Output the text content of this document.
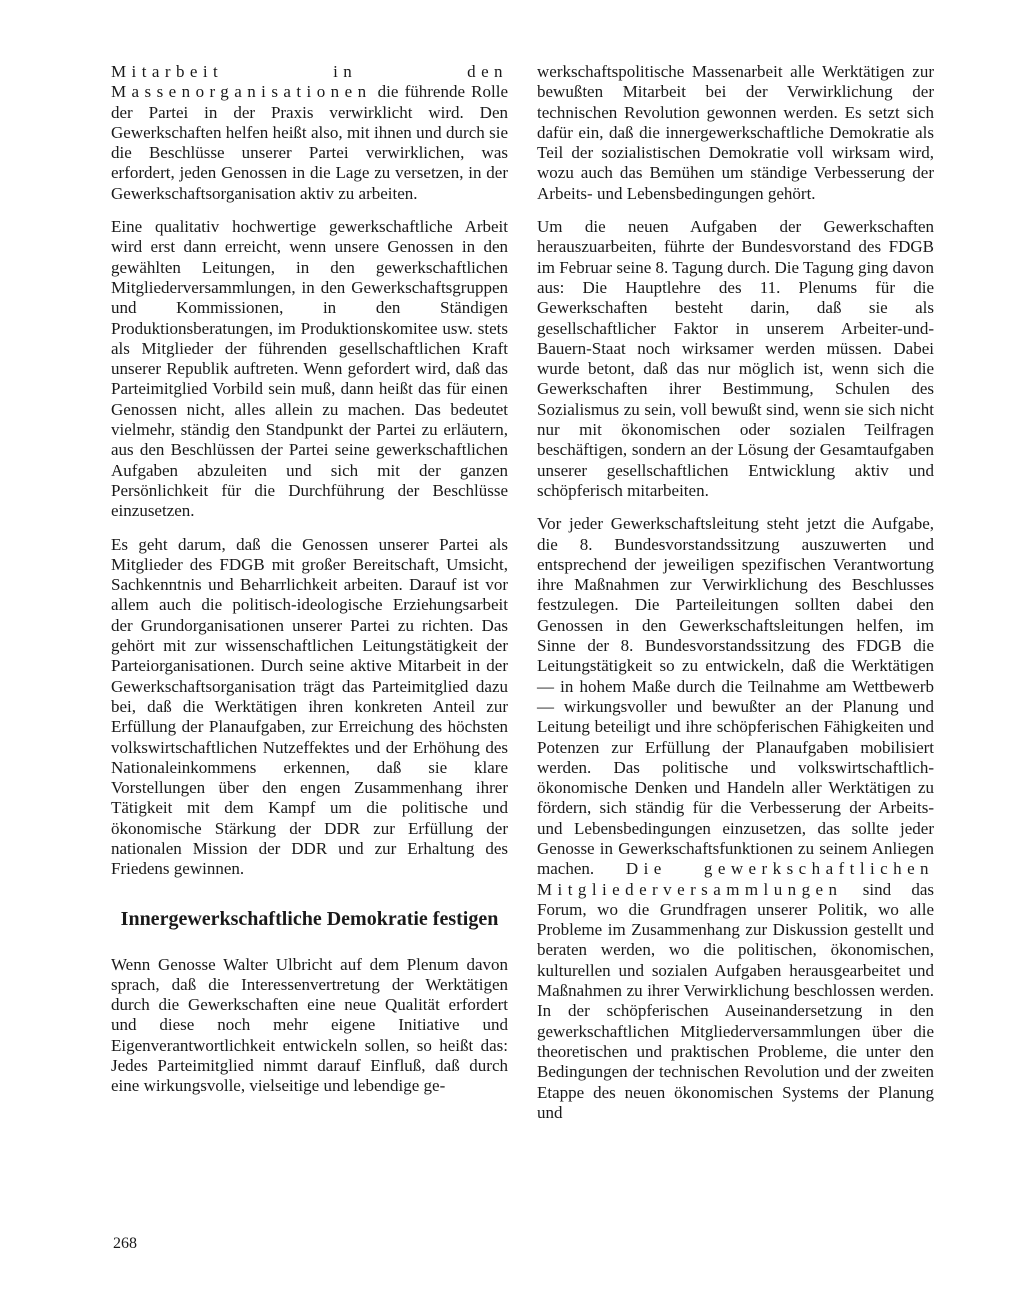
Mitarbeit in den Massenorganisationen die führende Rolle der Partei in der Praxis verwirklicht wird. Den Gewerkschaften helfen heißt also, mit ihnen und durch sie die Beschlüsse unserer Partei verwirklichen, was erfordert, jeden Genossen in die Lage zu versetzen, in der Gewerkschaftsorganisation aktiv zu arbeiten.

Eine qualitativ hochwertige gewerkschaftliche Arbeit wird erst dann erreicht, wenn unsere Genossen in den gewählten Leitungen, in den gewerkschaftlichen Mitgliederversammlungen, in den Gewerkschaftsgruppen und Kommissionen, in den Ständigen Produktionsberatungen, im Produktionskomitee usw. stets als Mitglieder der führenden gesellschaftlichen Kraft unserer Republik auftreten. Wenn gefordert wird, daß das Parteimitglied Vorbild sein muß, dann heißt das für einen Genossen nicht, alles allein zu machen. Das bedeutet vielmehr, ständig den Standpunkt der Partei zu erläutern, aus den Beschlüssen der Partei seine gewerkschaftlichen Aufgaben abzuleiten und sich mit der ganzen Persönlichkeit für die Durchführung der Beschlüsse einzusetzen.

Es geht darum, daß die Genossen unserer Partei als Mitglieder des FDGB mit großer Bereitschaft, Umsicht, Sachkenntnis und Beharrlichkeit arbeiten. Darauf ist vor allem auch die politisch-ideologische Erziehungsarbeit der Grundorganisationen unserer Partei zu richten. Das gehört mit zur wissenschaftlichen Leitungstätigkeit der Parteiorganisationen. Durch seine aktive Mitarbeit in der Gewerkschaftsorganisation trägt das Parteimitglied dazu bei, daß die Werktätigen ihren konkreten Anteil zur Erfüllung der Planaufgaben, zur Erreichung des höchsten volkswirtschaftlichen Nutzeffektes und der Erhöhung des Nationaleinkommens erkennen, daß sie klare Vorstellungen über den engen Zusammenhang ihrer Tätigkeit mit dem Kampf um die politische und ökonomische Stärkung der DDR zur Erfüllung der nationalen Mission der DDR und zur Erhaltung des Friedens gewinnen.

Innergewerkschaftliche Demokratie festigen

Wenn Genosse Walter Ulbricht auf dem Plenum davon sprach, daß die Interessenvertretung der Werktätigen durch die Gewerkschaften eine neue Qualität erfordert und diese noch mehr eigene Initiative und Eigenverantwortlichkeit entwickeln sollen, so heißt das: Jedes Parteimitglied nimmt darauf Einfluß, daß durch eine wirkungsvolle, vielseitige und lebendige ge-

werkschaftspolitische Massenarbeit alle Werktätigen zur bewußten Mitarbeit bei der Verwirklichung der technischen Revolution gewonnen werden. Es setzt sich dafür ein, daß die innergewerkschaftliche Demokratie als Teil der sozialistischen Demokratie voll wirksam wird, wozu auch das Bemühen um ständige Verbesserung der Arbeits- und Lebensbedingungen gehört.

Um die neuen Aufgaben der Gewerkschaften herauszuarbeiten, führte der Bundesvorstand des FDGB im Februar seine 8. Tagung durch. Die Tagung ging davon aus: Die Hauptlehre des 11. Plenums für die Gewerkschaften besteht darin, daß sie als gesellschaftlicher Faktor in unserem Arbeiter-und-Bauern-Staat noch wirksamer werden müssen. Dabei wurde betont, daß das nur möglich ist, wenn sich die Gewerkschaften ihrer Bestimmung, Schulen des Sozialismus zu sein, voll bewußt sind, wenn sie sich nicht nur mit ökonomischen oder sozialen Teilfragen beschäftigen, sondern an der Lösung der Gesamtaufgaben unserer gesellschaftlichen Entwicklung aktiv und schöpferisch mitarbeiten.

Vor jeder Gewerkschaftsleitung steht jetzt die Aufgabe, die 8. Bundesvorstandssitzung auszuwerten und entsprechend der jeweiligen spezifischen Verantwortung ihre Maßnahmen zur Verwirklichung des Beschlusses festzulegen. Die Parteileitungen sollten dabei den Genossen in den Gewerkschaftsleitungen helfen, im Sinne der 8. Bundesvorstandssitzung des FDGB die Leitungstätigkeit so zu entwickeln, daß die Werktätigen — in hohem Maße durch die Teilnahme am Wettbewerb — wirkungsvoller und bewußter an der Planung und Leitung beteiligt und ihre schöpferischen Fähigkeiten und Potenzen zur Erfüllung der Planaufgaben mobilisiert werden. Das politische und volkswirtschaftlich-ökonomische Denken und Handeln aller Werktätigen zu fördern, sich ständig für die Verbesserung der Arbeits- und Lebensbedingungen einzusetzen, das sollte jeder Genosse in Gewerkschaftsfunktionen zu seinem Anliegen machen. Die gewerkschaftlichen Mitgliederversammlungen sind das Forum, wo die Grundfragen unserer Politik, wo alle Probleme im Zusammenhang zur Diskussion gestellt und beraten werden, wo die politischen, ökonomischen, kulturellen und sozialen Aufgaben herausgearbeitet und Maßnahmen zu ihrer Verwirklichung beschlossen werden. In der schöpferischen Auseinandersetzung in den gewerkschaftlichen Mitgliederversammlungen über die theoretischen und praktischen Probleme, die unter den Bedingungen der technischen Revolution und der zweiten Etappe des neuen ökonomischen Systems der Planung und

268
